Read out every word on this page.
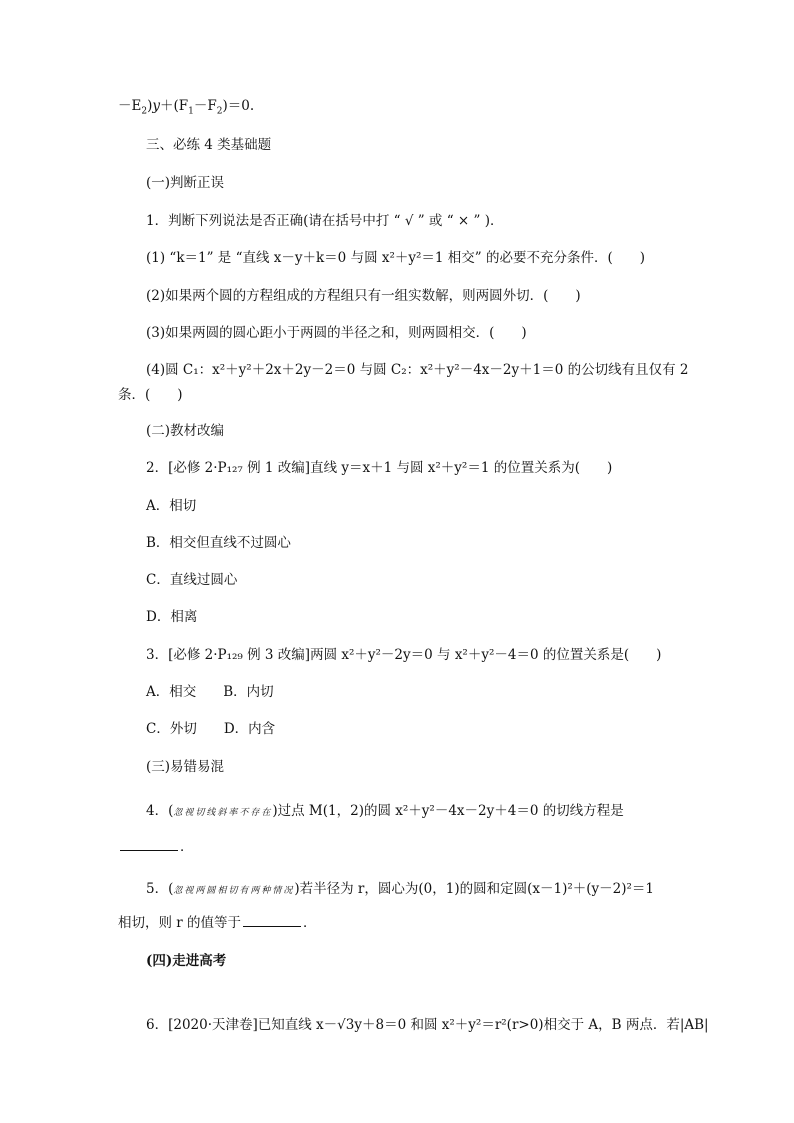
$-E_2)y+(F_1-F_2)=0$.
三、必练 4 类基础题
(一)判断正误
1．判断下列说法是否正确(请在括号中打 “ √ ” 或 “ × ” )．
(1) “k＝1” 是 “直线 x－y＋k＝0 与圆 x²＋y²＝1 相交” 的必要不充分条件．(　　)
(2)如果两个圆的方程组成的方程组只有一组实数解，则两圆外切．(　　)
(3)如果两圆的圆心距小于两圆的半径之和，则两圆相交．(　　)
(4)圆 C₁：x²＋y²＋2x＋2y－2＝0 与圆 C₂：x²＋y²－4x－2y＋1＝0 的公切线有且仅有 2
条．(　　)
(二)教材改编
2．[必修 2·P₁₂₇ 例 1 改编]直线 y＝x＋1 与圆 x²＋y²＝1 的位置关系为(　　)
A．相切
B．相交但直线不过圆心
C．直线过圆心
D．相离
3．[必修 2·P₁₂₉ 例 3 改编]两圆 x²＋y²－2y＝0 与 x²＋y²－4＝0 的位置关系是(　　)
A．相交　　B．内切
C．外切　　D．内含
(三)易错易混
4．(忽视切线斜率不存在)过点 M(1，2)的圆 x²＋y²－4x－2y＋4＝0 的切线方程是
．
5．(忽视两圆相切有两种情况)若半径为 r，圆心为(0，1)的圆和定圆(x－1)²＋(y－2)²＝1
相切，则 r 的值等于	．
(四)走进高考
6．[2020·天津卷]已知直线 x－√3y＋8＝0 和圆 x²＋y²＝r²(r>0)相交于 A，B 两点．若|AB|
